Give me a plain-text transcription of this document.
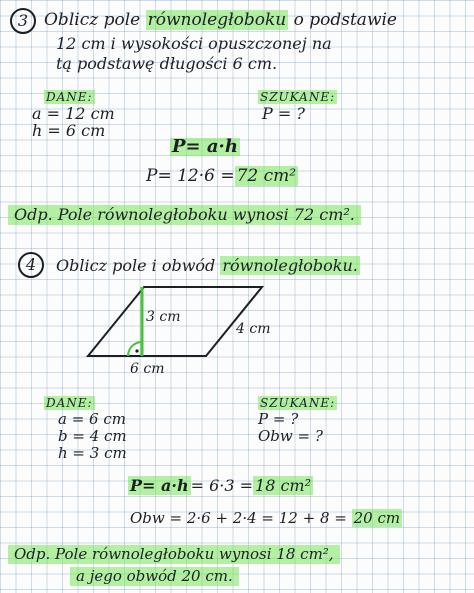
3 Oblicz pole równoległoboku o podstawie
12 cm i wysokości opuszczonej na
tą podstawę długości 6 cm.
DANE:
a = 12 cm
h = 6 cm
SZUKANE:
P = ?
P= a·h
P= 12·6 = 72 cm²
Odp. Pole równoległoboku wynosi 72 cm².
4	Oblicz pole i obwód równoległoboku.
3 cm
4 cm
6 cm
DANE:
a = 6 cm
b = 4 cm
h = 3 cm
SZUKANE:
P = ?
Obw = ?
P= a·h = 6·3 = 18 cm²
Obw = 2·6 + 2·4 = 12 + 8 = 20 cm
Odp. Pole równoległoboku wynosi 18 cm²,
a jego obwód 20 cm.
